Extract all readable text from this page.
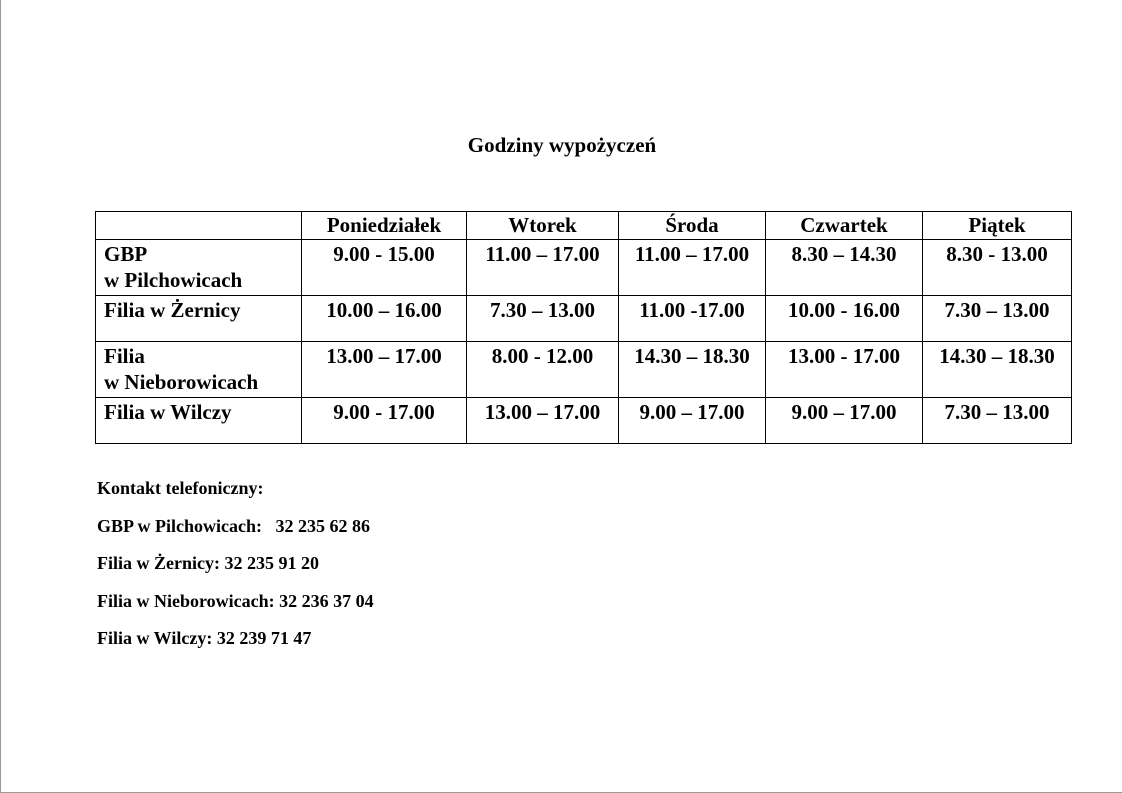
Godziny wypożyczeń
	Poniedziałek	Wtorek	Środa	Czwartek	Piątek
GBP
w Pilchowicach	9.00 - 15.00	11.00 – 17.00	11.00 – 17.00	8.30 – 14.30	8.30 - 13.00
Filia w Żernicy	10.00 – 16.00	7.30 – 13.00	11.00 -17.00	10.00 - 16.00	7.30 – 13.00
Filia
w Nieborowicach	13.00 – 17.00	8.00 - 12.00	14.30 – 18.30	13.00 - 17.00	14.30 – 18.30
Filia w Wilczy	9.00 - 17.00	13.00 – 17.00	9.00 – 17.00	9.00 – 17.00	7.30 – 13.00

Kontakt telefoniczny:

GBP w Pilchowicach:   32 235 62 86

Filia w Żernicy: 32 235 91 20

Filia w Nieborowicach: 32 236 37 04

Filia w Wilczy: 32 239 71 47
